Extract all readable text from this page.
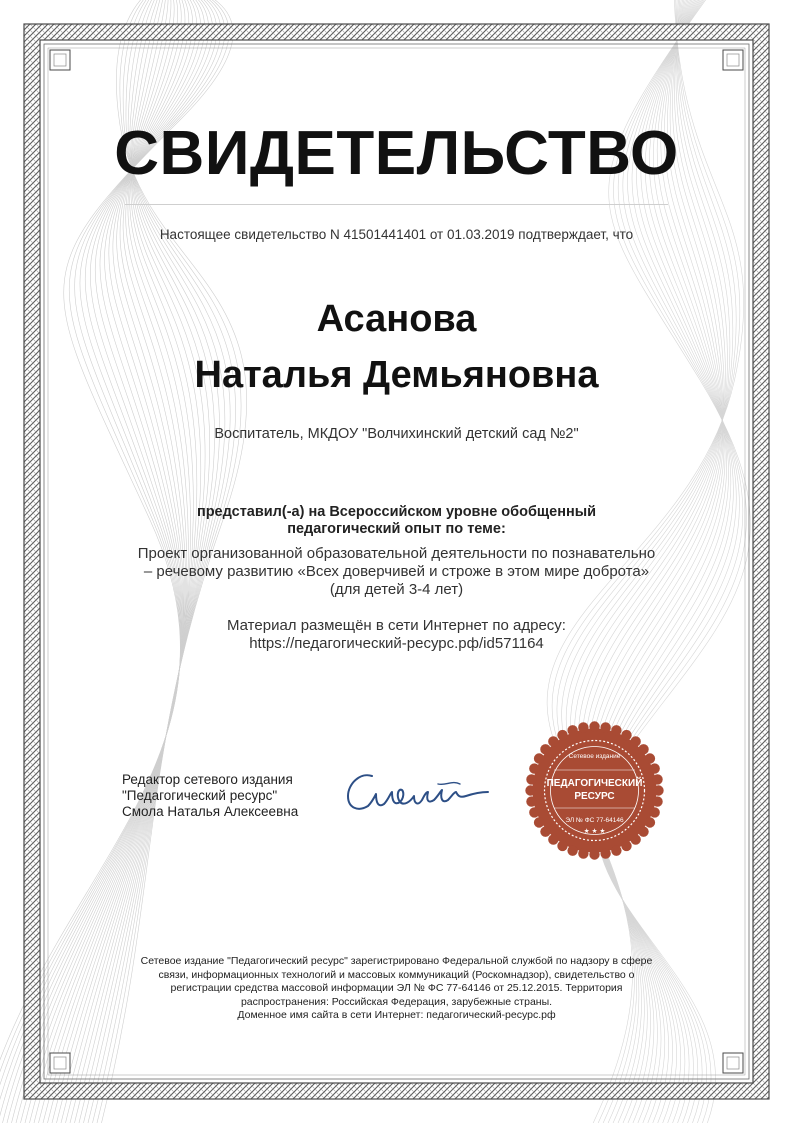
СВИДЕТЕЛЬСТВО
Настоящее свидетельство N 41501441401 от 01.03.2019 подтверждает, что
Асанова
Наталья Демьяновна
Воспитатель, МКДОУ "Волчихинский детский сад №2"
представил(-а) на Всероссийском уровне обобщенный
педагогический опыт по теме:
Проект организованной образовательной деятельности по познавательно
– речевому развитию «Всех доверчивей и строже в этом мире доброта»
(для детей 3-4 лет)
Материал размещён в сети Интернет по адресу:
https://педагогический-ресурс.рф/id571164
Редактор сетевого издания
"Педагогический ресурс"
Смола Наталья Алексеевна
Сетевое издание
ПЕДАГОГИЧЕСКИЙ
РЕСУРС
ЭЛ № ФС 77-64146
★ ★ ★
Сетевое издание "Педагогический ресурс" зарегистрировано Федеральной службой по надзору в сфере
связи, информационных технологий и массовых коммуникаций (Роскомнадзор), свидетельство о
регистрации средства массовой информации ЭЛ № ФС 77-64146 от 25.12.2015. Территория
распространения: Российская Федерация, зарубежные страны.
Доменное имя сайта в сети Интернет: педагогический-ресурс.рф
